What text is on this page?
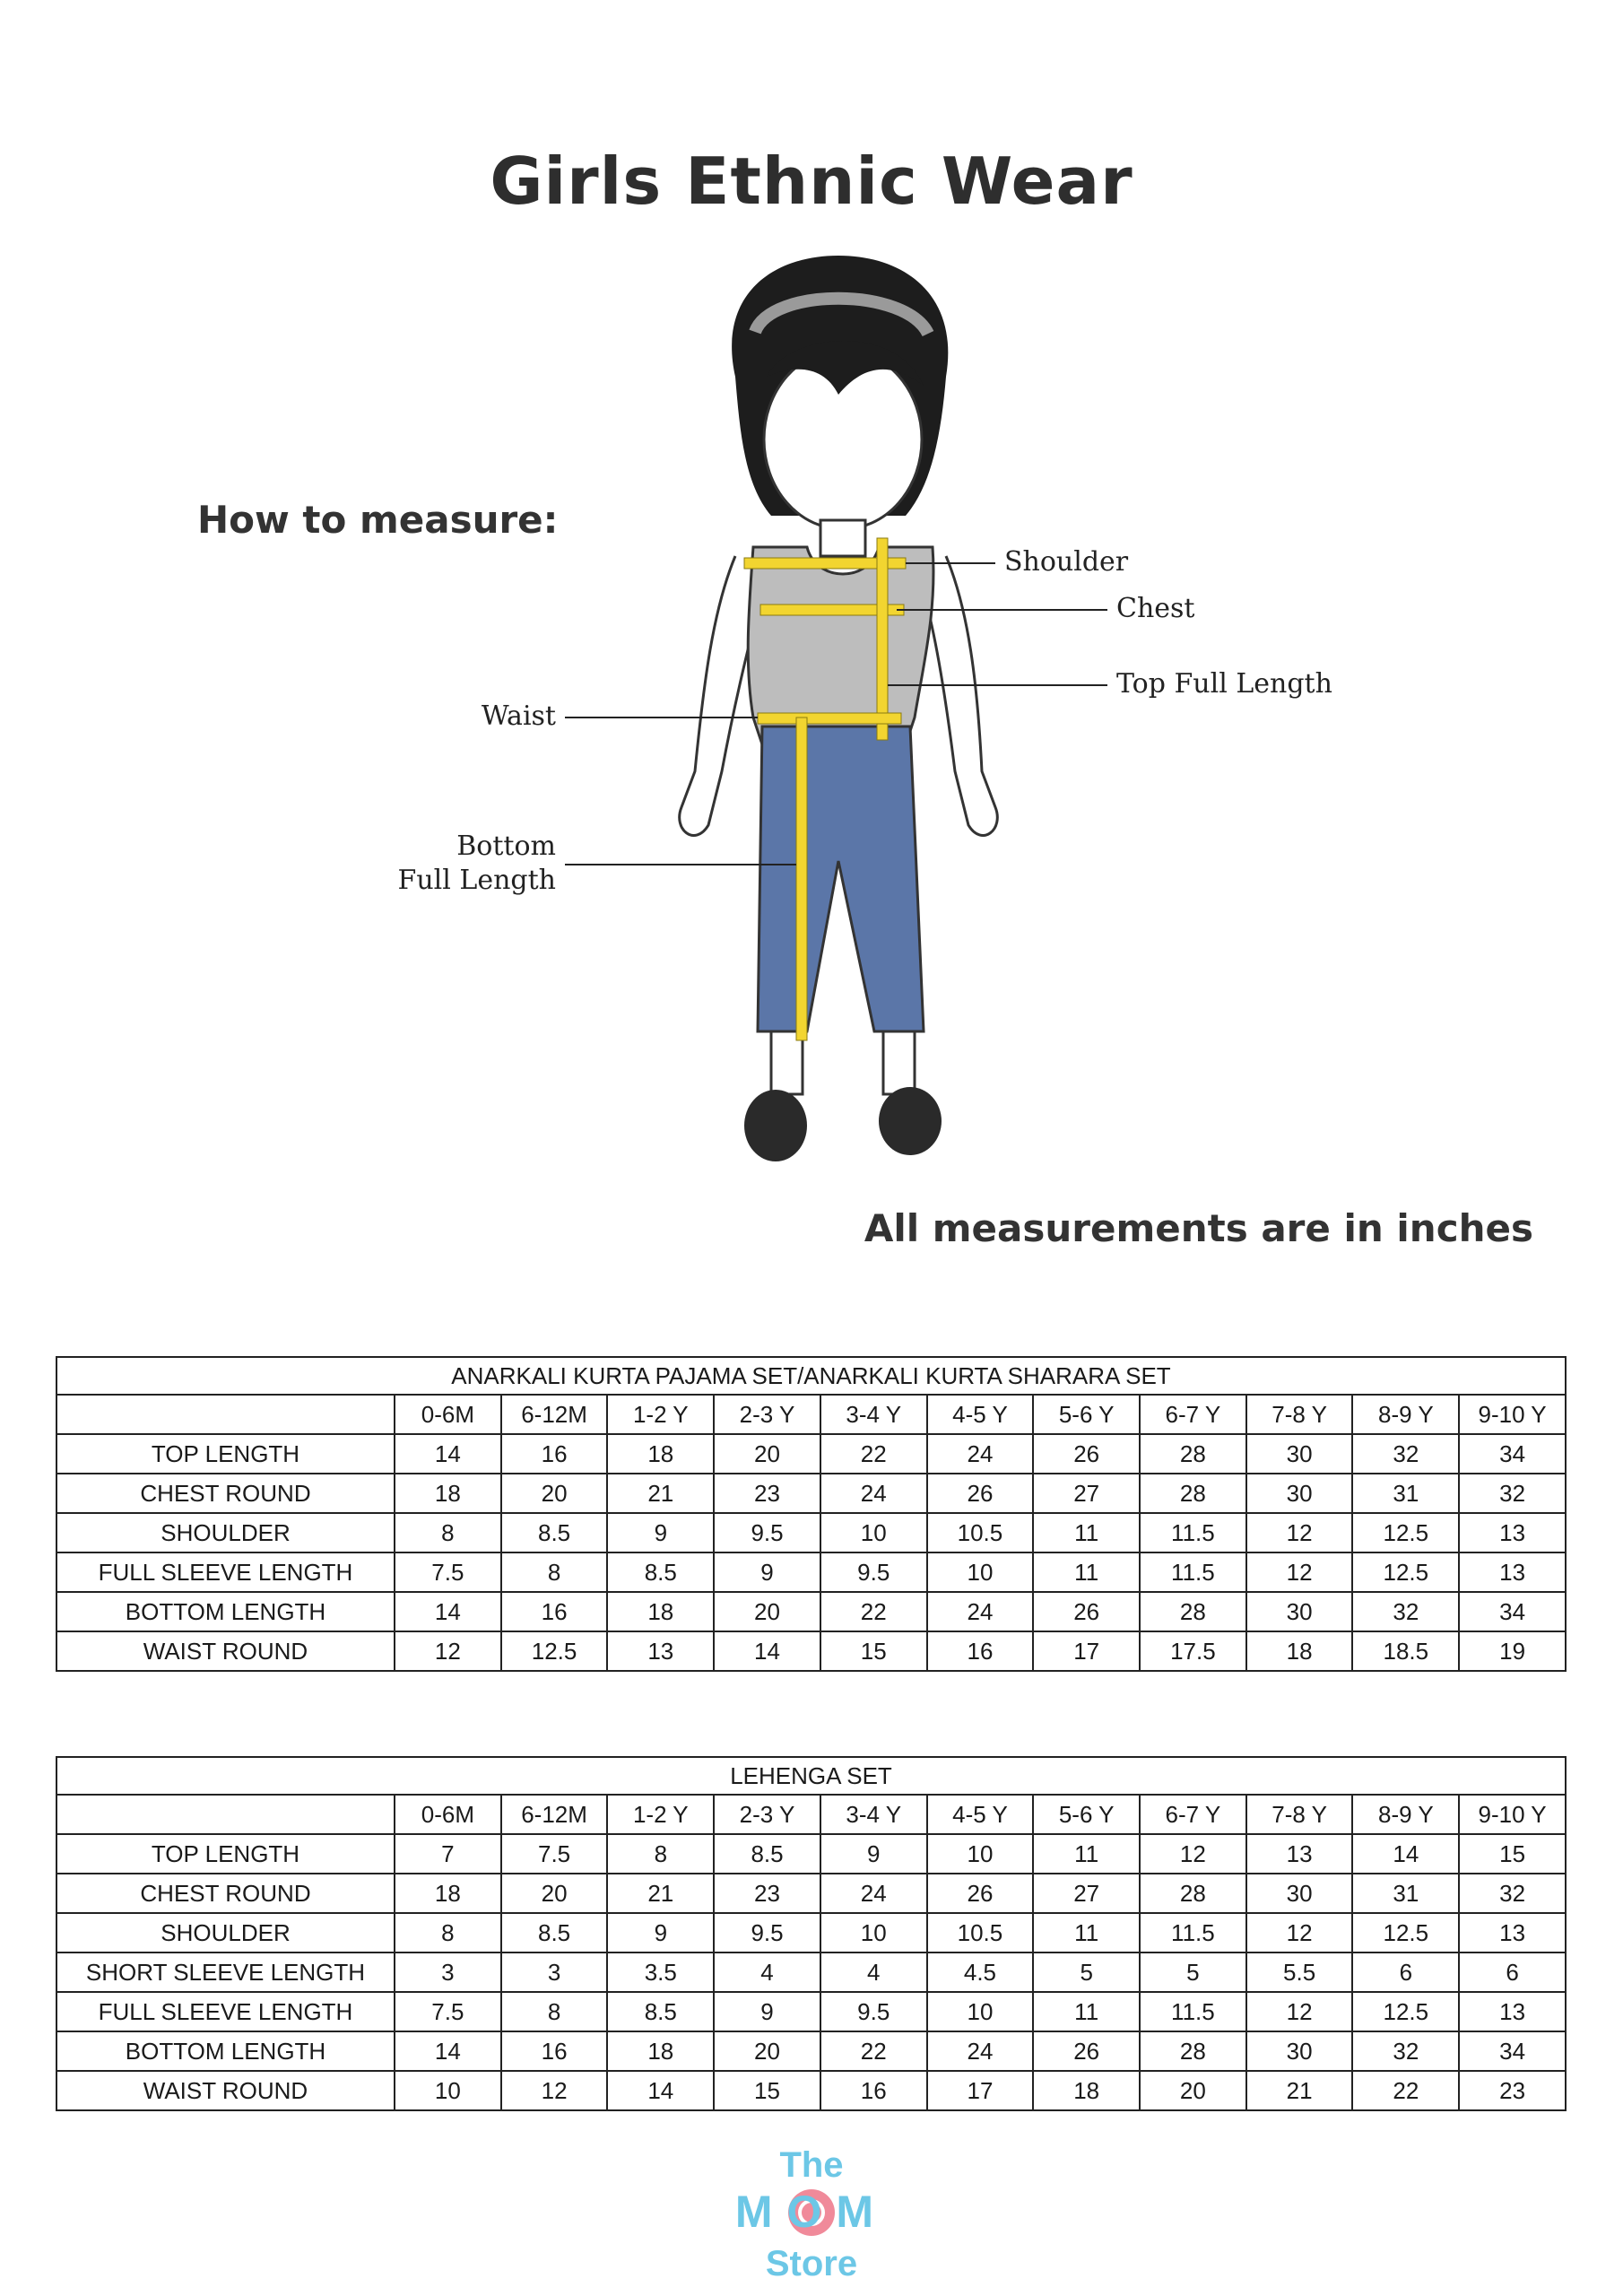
Girls Ethnic Wear
How to measure:
Shoulder
Chest
Top Full Length
Waist
Bottom
Full Length
All measurements are in inches
ANARKALI KURTA PAJAMA SET/ANARKALI KURTA SHARARA SET											
	0-6M	6-12M	1-2 Y	2-3 Y	3-4 Y	4-5 Y	5-6 Y	6-7 Y	7-8 Y	8-9 Y	9-10 Y
TOP LENGTH	14	16	18	20	22	24	26	28	30	32	34
CHEST ROUND	18	20	21	23	24	26	27	28	30	31	32
SHOULDER	8	8.5	9	9.5	10	10.5	11	11.5	12	12.5	13
FULL SLEEVE LENGTH	7.5	8	8.5	9	9.5	10	11	11.5	12	12.5	13
BOTTOM LENGTH	14	16	18	20	22	24	26	28	30	32	34
WAIST ROUND	12	12.5	13	14	15	16	17	17.5	18	18.5	19
LEHENGA SET											
	0-6M	6-12M	1-2 Y	2-3 Y	3-4 Y	4-5 Y	5-6 Y	6-7 Y	7-8 Y	8-9 Y	9-10 Y
TOP LENGTH	7	7.5	8	8.5	9	10	11	12	13	14	15
CHEST ROUND	18	20	21	23	24	26	27	28	30	31	32
SHOULDER	8	8.5	9	9.5	10	10.5	11	11.5	12	12.5	13
SHORT SLEEVE LENGTH	3	3	3.5	4	4	4.5	5	5	5.5	6	6
FULL SLEEVE LENGTH	7.5	8	8.5	9	9.5	10	11	11.5	12	12.5	13
BOTTOM LENGTH	14	16	18	20	22	24	26	28	30	32	34
WAIST ROUND	10	12	14	15	16	17	18	20	21	22	23
The
MOM
Store
